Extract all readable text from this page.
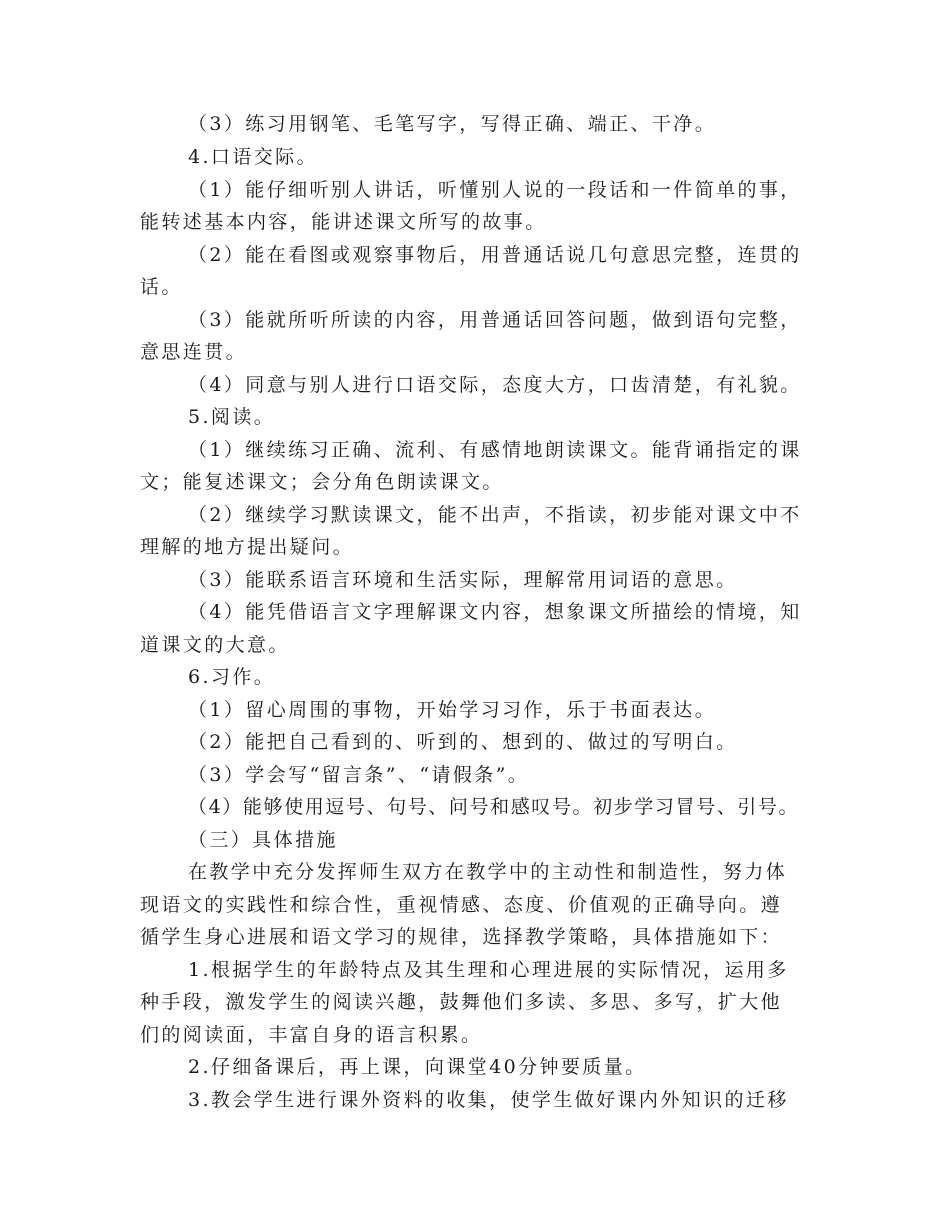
（3）练习用钢笔、毛笔写字，写得正确、端正、干净。
4.口语交际。
（1）能仔细听别人讲话，听懂别人说的一段话和一件简单的事，
能转述基本内容，能讲述课文所写的故事。
（2）能在看图或观察事物后，用普通话说几句意思完整，连贯的
话。
（3）能就所听所读的内容，用普通话回答问题，做到语句完整，
意思连贯。
（4）同意与别人进行口语交际，态度大方，口齿清楚，有礼貌。
5.阅读。
（1）继续练习正确、流利、有感情地朗读课文。能背诵指定的课
文；能复述课文；会分角色朗读课文。
（2）继续学习默读课文，能不出声，不指读，初步能对课文中不
理解的地方提出疑问。
（3）能联系语言环境和生活实际，理解常用词语的意思。
（4）能凭借语言文字理解课文内容，想象课文所描绘的情境，知
道课文的大意。
6.习作。
（1）留心周围的事物，开始学习习作，乐于书面表达。
（2）能把自己看到的、听到的、想到的、做过的写明白。
（3）学会写“留言条”、“请假条”。
（4）能够使用逗号、句号、问号和感叹号。初步学习冒号、引号。
（三）具体措施
在教学中充分发挥师生双方在教学中的主动性和制造性，努力体
现语文的实践性和综合性，重视情感、态度、价值观的正确导向。遵
循学生身心进展和语文学习的规律，选择教学策略，具体措施如下：
1.根据学生的年龄特点及其生理和心理进展的实际情况，运用多
种手段，激发学生的阅读兴趣，鼓舞他们多读、多思、多写，扩大他
们的阅读面，丰富自身的语言积累。
2.仔细备课后，再上课，向课堂40分钟要质量。
3.教会学生进行课外资料的收集，使学生做好课内外知识的迁移
